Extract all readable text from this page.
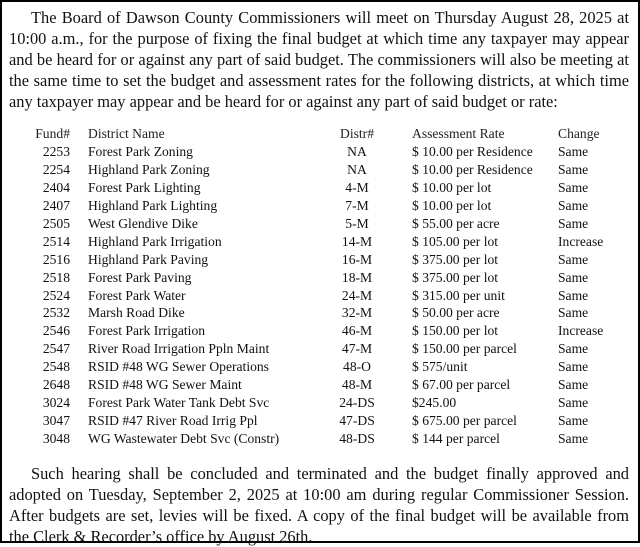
The Board of Dawson County Commissioners will meet on Thursday August 28, 2025 at 10:00 a.m., for the purpose of fixing the final budget at which time any taxpayer may appear and be heard for or against any part of said budget. The commissioners will also be meeting at the same time to set the budget and assessment rates for the following districts, at which time any taxpayer may appear and be heard for or against any part of said budget or rate:

Fund# District Name	Distr#	Assessment Rate	Change
2253 Forest Park Zoning	NA	$ 10.00 per Residence Same
2254 Highland Park Zoning	NA	$ 10.00 per Residence Same
2404 Forest Park Lighting	4-M	$ 10.00 per lot	Same
2407 Highland Park Lighting	7-M	$ 10.00 per lot	Same
2505 West Glendive Dike	5-M	$ 55.00 per acre	Same
2514 Highland Park Irrigation	14-M	$ 105.00 per lot	Increase
2516 Highland Park Paving	16-M	$ 375.00 per lot	Same
2518 Forest Park Paving	18-M	$ 375.00 per lot	Same
2524 Forest Park Water	24-M	$ 315.00 per unit	Same
2532 Marsh Road Dike	32-M	$ 50.00 per acre	Same
2546 Forest Park Irrigation	46-M	$ 150.00 per lot	Increase
2547 River Road Irrigation Ppln Maint	47-M	$ 150.00 per parcel	Same
2548 RSID #48 WG Sewer Operations	48-O	$ 575/unit	Same
2648 RSID #48 WG Sewer Maint	48-M	$ 67.00 per parcel	Same
3024 Forest Park Water Tank Debt Svc	24-DS	$245.00	Same
3047 RSID #47 River Road Irrig Ppl	47-DS	$ 675.00 per parcel	Same
3048 WG Wastewater Debt Svc (Constr)	48-DS	$ 144 per parcel	Same

Such hearing shall be concluded and terminated and the budget finally approved and adopted on Tuesday, September 2, 2025 at 10:00 am during regular Commissioner Session. After budgets are set, levies will be fixed. A copy of the final budget will be available from the Clerk & Recorder’s office by August 26th.
